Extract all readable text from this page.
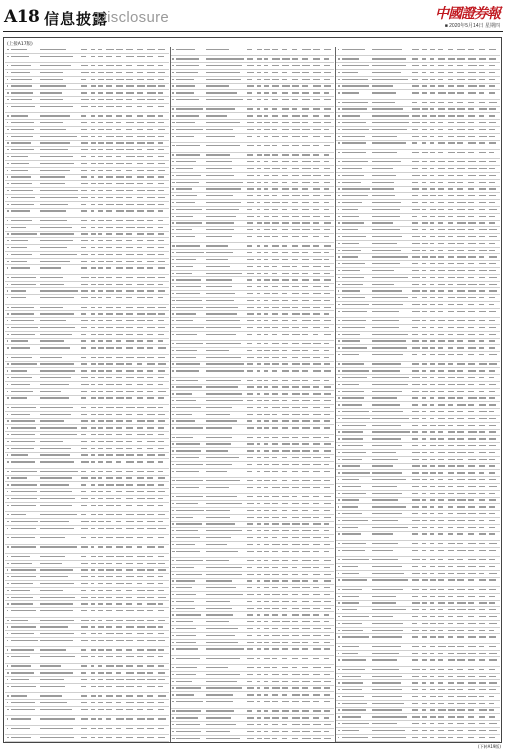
A18 信息披露
Disclosure	中國證券報
■ 2020年5月14日 星期四
(上接A17版)
(下转A19版)
